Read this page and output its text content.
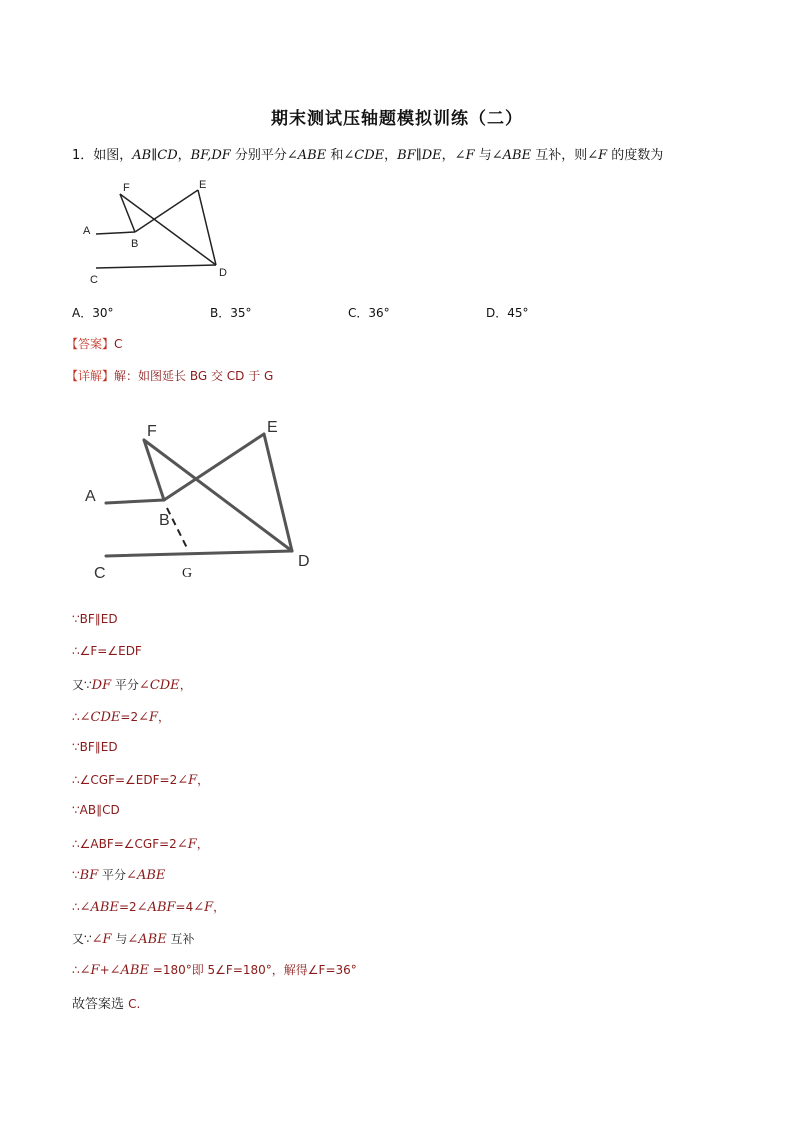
期末测试压轴题模拟训练（二）
1．如图，AB∥CD，BF,DF 分别平分∠ABE 和∠CDE，BF∥DE，∠F 与∠ABE 互补，则∠F 的度数为
F	E
A
B
C
D
A．30°	B．35°	C．36°	D．45°
【答案】C
【详解】解：如图延长 BG 交 CD 于 G
F	E
A
B
C
D
G
∵BF∥ED
∴∠F=∠EDF
又∵DF 平分∠CDE，
∴∠CDE=2∠F，
∵BF∥ED
∴∠CGF=∠EDF=2∠F，
∵AB∥CD
∴∠ABF=∠CGF=2∠F，
∵BF 平分∠ABE
∴∠ABE=2∠ABF=4∠F，
又∵∠F 与∠ABE 互补
∴∠F+∠ABE =180°即 5∠F=180°，解得∠F=36°
故答案选 C.
